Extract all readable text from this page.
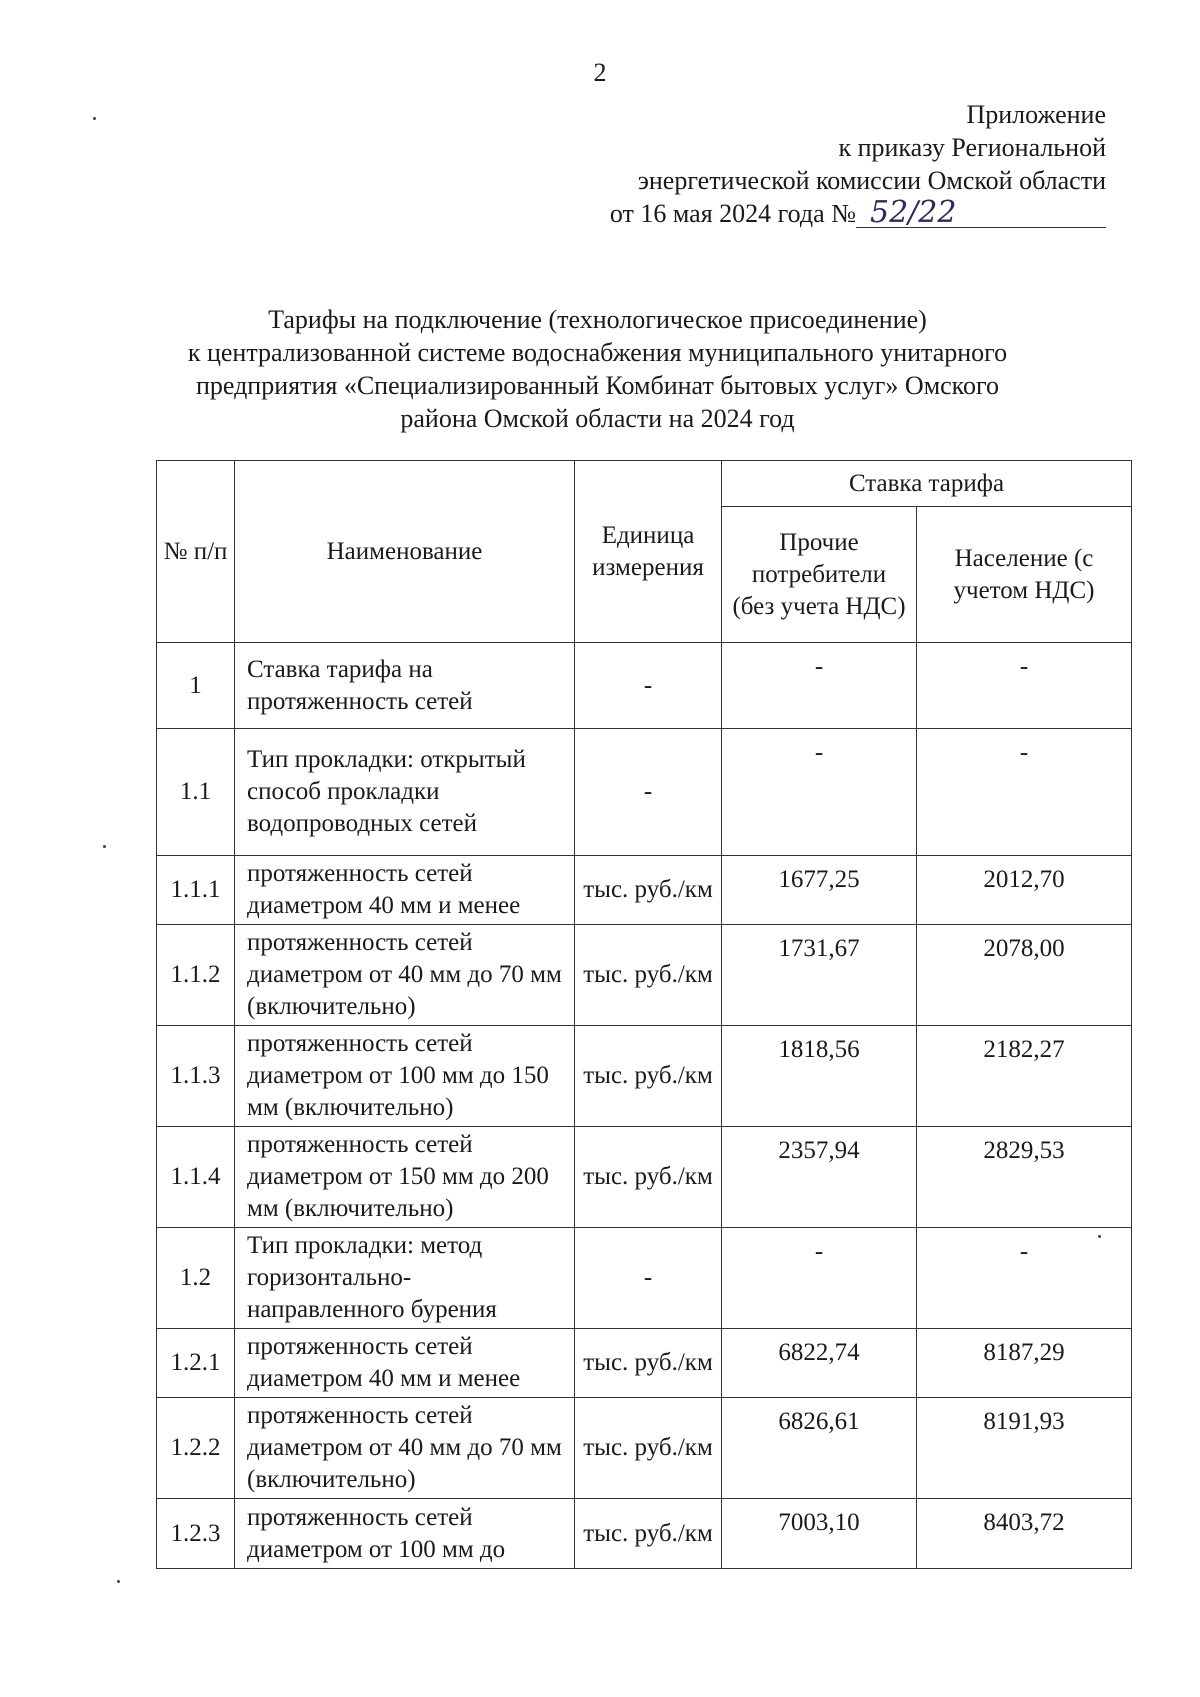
2
Приложение
к приказу Региональной
энергетической комиссии Омской области
от 16 мая 2024 года № 52/22
Тарифы на подключение (технологическое присоединение)
к централизованной системе водоснабжения муниципального унитарного
предприятия «Специализированный Комбинат бытовых услуг» Омского
района Омской области на 2024 год
№ п/п	Наименование	Единица измерения	Ставка тарифа	
			Прочие потребители (без учета НДС)	Население (с учетом НДС)
1	Ставка тарифа на протяженность сетей	-	-	-
1.1	Тип прокладки: открытый способ прокладки водопроводных сетей	-	-	-
1.1.1	протяженность сетей диаметром 40 мм и менее	тыс. руб./км	1677,25	2012,70
1.1.2	протяженность сетей диаметром от 40 мм до 70 мм (включительно)	тыс. руб./км	1731,67	2078,00
1.1.3	протяженность сетей диаметром от 100 мм до 150 мм (включительно)	тыс. руб./км	1818,56	2182,27
1.1.4	протяженность сетей диаметром от 150 мм до 200 мм (включительно)	тыс. руб./км	2357,94	2829,53
1.2	Тип прокладки: метод горизонтально-направленного бурения	-	-	-
1.2.1	протяженность сетей диаметром 40 мм и менее	тыс. руб./км	6822,74	8187,29
1.2.2	протяженность сетей диаметром от 40 мм до 70 мм (включительно)	тыс. руб./км	6826,61	8191,93
1.2.3	протяженность сетей диаметром от 100 мм до	тыс. руб./км	7003,10	8403,72
